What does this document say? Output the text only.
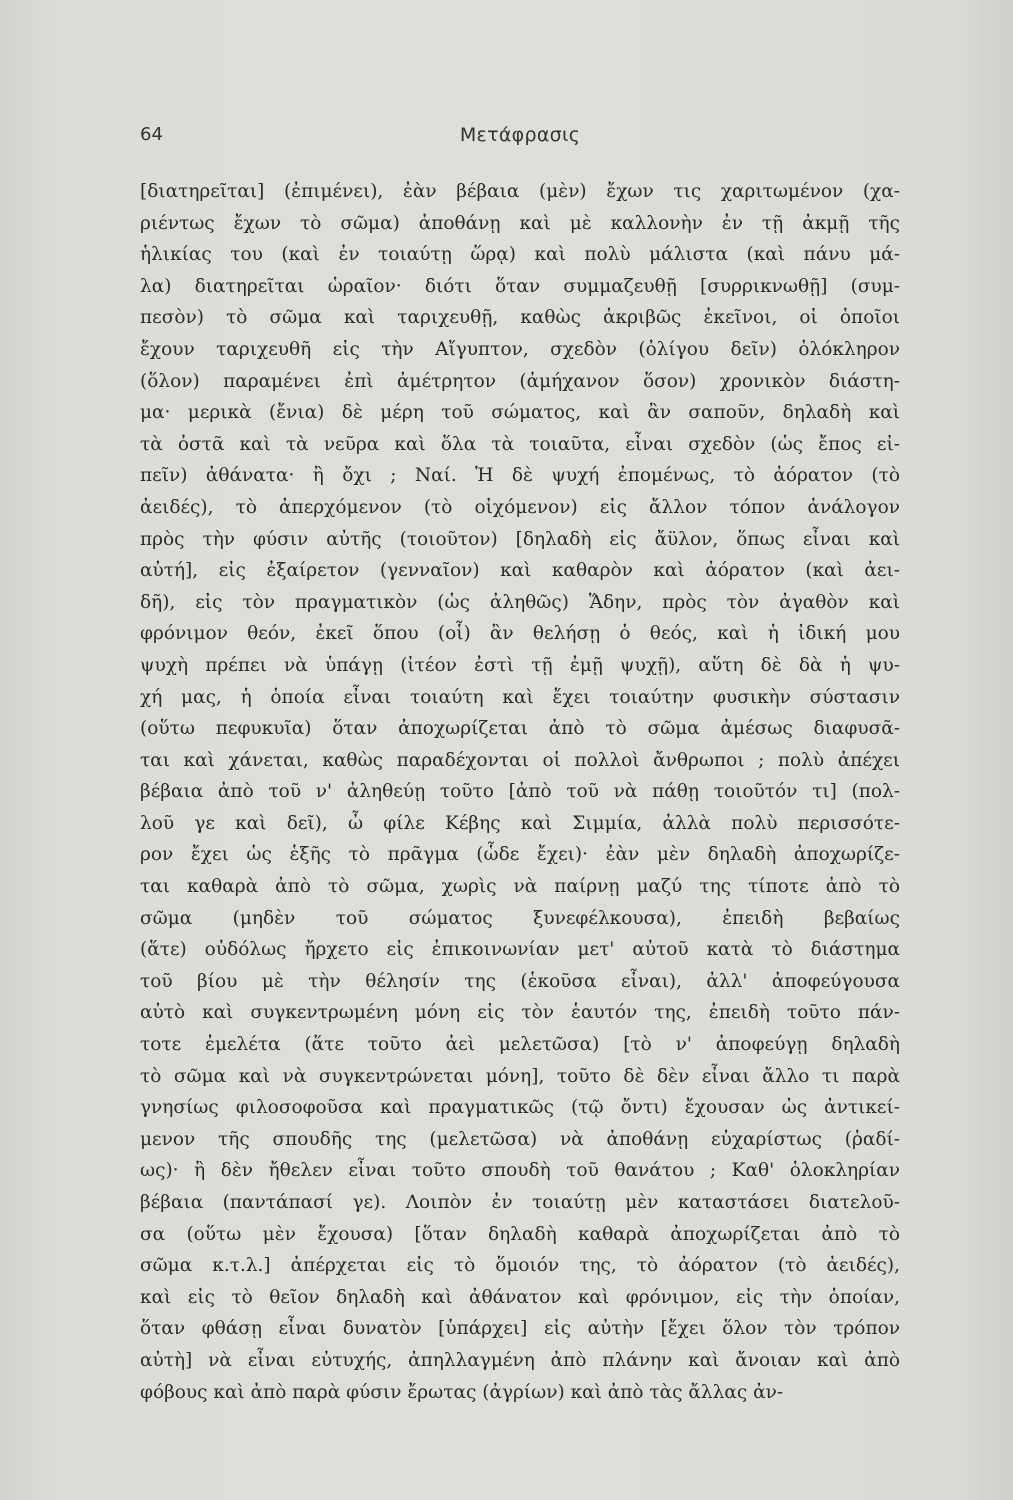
64	Μετάφρασις
[διατηρεῖται] (ἐπιμένει), ἐὰν βέβαια (μὲν) ἔχων τις χαριτωμένον (χα-
ριέντως ἔχων τὸ σῶμα) ἀποθάνῃ καὶ μὲ καλλονὴν ἐν τῇ ἀκμῇ τῆς
ἡλικίας του (καὶ ἐν τοιαύτῃ ὥρᾳ) καὶ πολὺ μάλιστα (καὶ πάνυ μά-
λα) διατηρεῖται ὡραῖον· διότι ὅταν συμμαζευθῇ [συρρικνωθῇ] (συμ-
πεσὸν) τὸ σῶμα καὶ ταριχευθῇ, καθὼς ἀκριβῶς ἐκεῖνοι, οἱ ὁποῖοι
ἔχουν ταριχευθῆ εἰς τὴν Αἴγυπτον, σχεδὸν (ὀλίγου δεῖν) ὁλόκληρον
(ὅλον) παραμένει ἐπὶ ἀμέτρητον (ἀμήχανον ὅσον) χρονικὸν διάστη-
μα· μερικὰ (ἔνια) δὲ μέρη τοῦ σώματος, καὶ ἂν σαποῦν, δηλαδὴ καὶ
τὰ ὀστᾶ καὶ τὰ νεῦρα καὶ ὅλα τὰ τοιαῦτα, εἶναι σχεδὸν (ὡς ἔπος εἰ-
πεῖν) ἀθάνατα· ἢ ὄχι ; Ναί. Ἡ δὲ ψυχή ἐπομένως, τὸ ἀόρατον (τὸ
ἀειδές), τὸ ἀπερχόμενον (τὸ οἰχόμενον) εἰς ἄλλον τόπον ἀνάλογον
πρὸς τὴν φύσιν αὐτῆς (τοιοῦτον) [δηλαδὴ εἰς ἄϋλον, ὅπως εἶναι καὶ
αὐτή], εἰς ἐξαίρετον (γενναῖον) καὶ καθαρὸν καὶ ἀόρατον (καὶ ἀει-
δῆ), εἰς τὸν πραγματικὸν (ὡς ἀληθῶς) Ἅδην, πρὸς τὸν ἀγαθὸν καὶ
φρόνιμον θεόν, ἐκεῖ ὅπου (οἷ) ἂν θελήσῃ ὁ θεός, καὶ ἡ ἰδική μου
ψυχὴ πρέπει νὰ ὑπάγῃ (ἰτέον ἐστὶ τῇ ἐμῇ ψυχῇ), αὕτη δὲ δὰ ἡ ψυ-
χή μας, ἡ ὁποία εἶναι τοιαύτη καὶ ἔχει τοιαύτην φυσικὴν σύστασιν
(οὕτω πεφυκυῖα) ὅταν ἀποχωρίζεται ἀπὸ τὸ σῶμα ἀμέσως διαφυσᾶ-
ται καὶ χάνεται, καθὼς παραδέχονται οἱ πολλοὶ ἄνθρωποι ; πολὺ ἀπέχει
βέβαια ἀπὸ τοῦ ν' ἀληθεύῃ τοῦτο [ἀπὸ τοῦ νὰ πάθῃ τοιοῦτόν τι] (πολ-
λοῦ γε καὶ δεῖ), ὦ φίλε Κέβης καὶ Σιμμία, ἀλλὰ πολὺ περισσότε-
ρον ἔχει ὡς ἑξῆς τὸ πρᾶγμα (ὧδε ἔχει)· ἐὰν μὲν δηλαδὴ ἀποχωρίζε-
ται καθαρὰ ἀπὸ τὸ σῶμα, χωρὶς νὰ παίρνῃ μαζύ της τίποτε ἀπὸ τὸ
σῶμα (μηδὲν τοῦ σώματος ξυνεφέλκουσα), ἐπειδὴ βεβαίως
(ἅτε) οὐδόλως ἤρχετο εἰς ἐπικοινωνίαν μετ' αὐτοῦ κατὰ τὸ διάστημα
τοῦ βίου μὲ τὴν θέλησίν της (ἑκοῦσα εἶναι), ἀλλ' ἀποφεύγουσα
αὐτὸ καὶ συγκεντρωμένη μόνη εἰς τὸν ἑαυτόν της, ἐπειδὴ τοῦτο πάν-
τοτε ἐμελέτα (ἅτε τοῦτο ἀεὶ μελετῶσα) [τὸ ν' ἀποφεύγῃ δηλαδὴ
τὸ σῶμα καὶ νὰ συγκεντρώνεται μόνη], τοῦτο δὲ δὲν εἶναι ἄλλο τι παρὰ
γνησίως φιλοσοφοῦσα καὶ πραγματικῶς (τῷ ὄντι) ἔχουσαν ὡς ἀντικεί-
μενον τῆς σπουδῆς της (μελετῶσα) νὰ ἀποθάνῃ εὐχαρίστως (ῥαδί-
ως)· ἢ δὲν ἤθελεν εἶναι τοῦτο σπουδὴ τοῦ θανάτου ; Καθ' ὁλοκληρίαν
βέβαια (παντάπασί γε). Λοιπὸν ἐν τοιαύτῃ μὲν καταστάσει διατελοῦ-
σα (οὕτω μὲν ἔχουσα) [ὅταν δηλαδὴ καθαρὰ ἀποχωρίζεται ἀπὸ τὸ
σῶμα κ.τ.λ.] ἀπέρχεται εἰς τὸ ὅμοιόν της, τὸ ἀόρατον (τὸ ἀειδές),
καὶ εἰς τὸ θεῖον δηλαδὴ καὶ ἀθάνατον καὶ φρόνιμον, εἰς τὴν ὁποίαν,
ὅταν φθάσῃ εἶναι δυνατὸν [ὑπάρχει] εἰς αὐτὴν [ἔχει ὅλον τὸν τρόπον
αὐτὴ] νὰ εἶναι εὐτυχής, ἀπηλλαγμένη ἀπὸ πλάνην καὶ ἄνοιαν καὶ ἀπὸ
φόβους καὶ ἀπὸ παρὰ φύσιν ἔρωτας (ἀγρίων) καὶ ἀπὸ τὰς ἄλλας ἀν-
